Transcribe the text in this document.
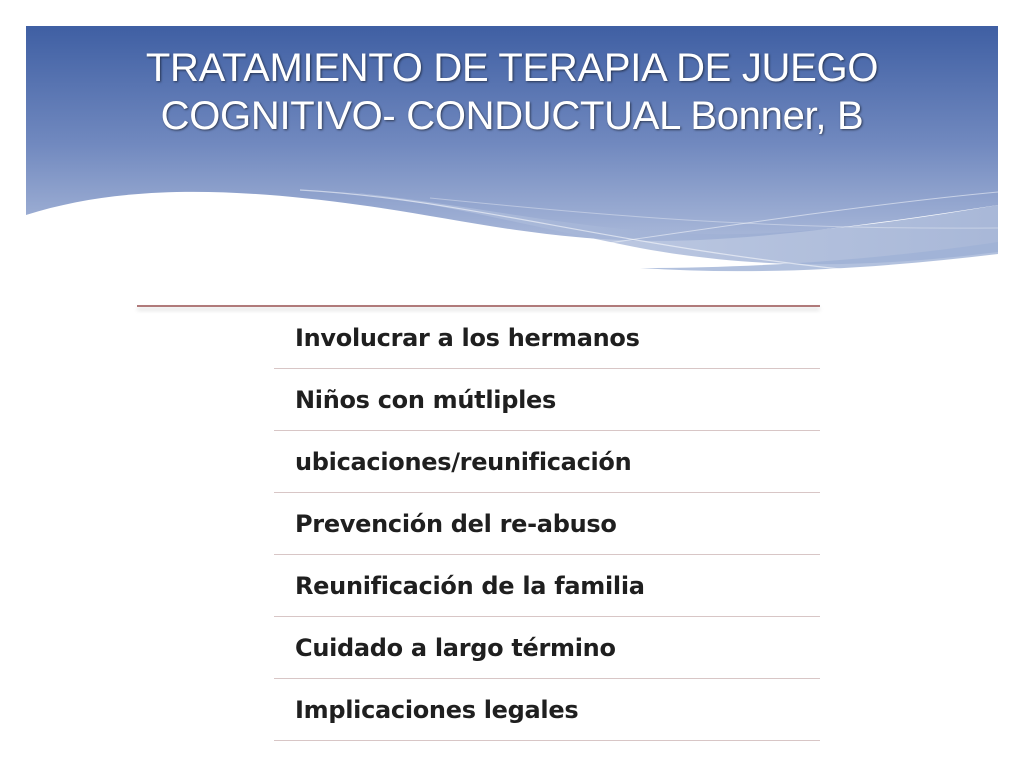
TRATAMIENTO DE TERAPIA DE JUEGO
COGNITIVO- CONDUCTUAL Bonner, B
Involucrar a los hermanos
Niños con mútliples
ubicaciones/reunificación
Prevención del re-abuso
Reunificación de la familia
Cuidado a largo término
Implicaciones legales
